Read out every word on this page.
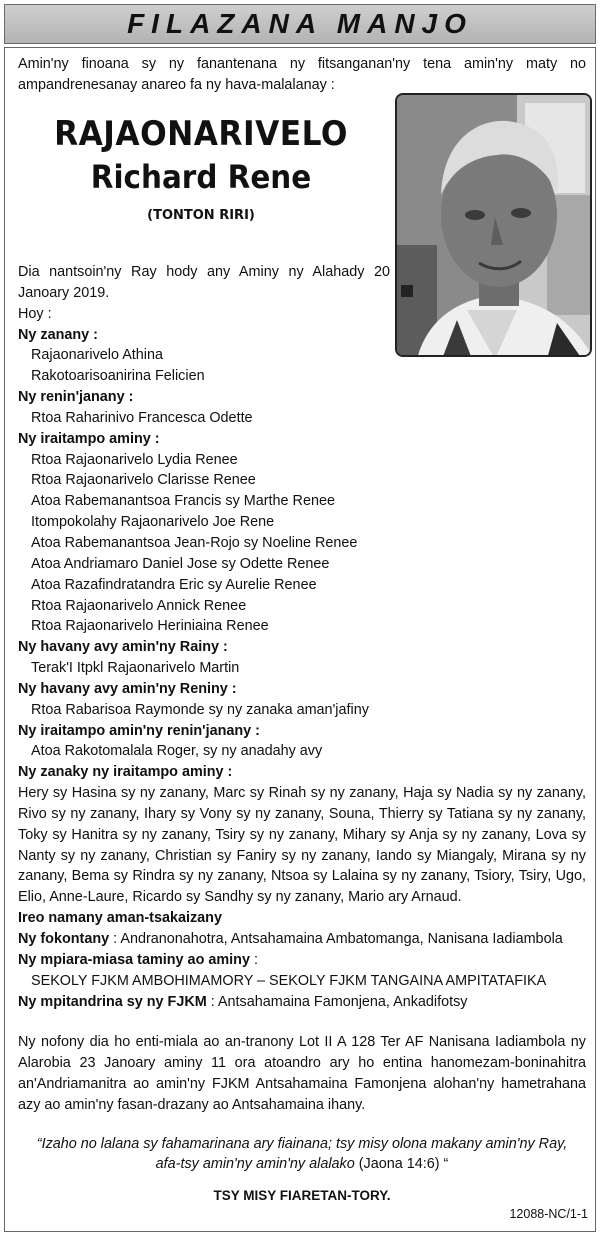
FILAZANA MANJO

Amin'ny finoana sy ny fanantenana ny fitsanganan'ny tena amin'ny maty no ampandrenesanay anareo fa ny hava-malalanay :

RAJAONARIVELO
Richard Rene
(TONTON RIRI)

Dia nantsoin'ny Ray hody any Aminy ny Alahady 20 Janoary 2019.

Hoy :

Ny zanany :

Rajaonarivelo Athina

Rakotoarisoanirina Felicien

Ny renin'janany :

Rtoa Raharinivo Francesca Odette

Ny iraitampo aminy :

Rtoa Rajaonarivelo Lydia Renee

Rtoa Rajaonarivelo Clarisse Renee

Atoa Rabemanantsoa Francis sy Marthe Renee

Itompokolahy Rajaonarivelo Joe Rene

Atoa Rabemanantsoa Jean-Rojo sy Noeline Renee

Atoa Andriamaro Daniel Jose sy Odette Renee

Atoa Razafindratandra Eric sy Aurelie Renee

Rtoa Rajaonarivelo Annick Renee

Rtoa Rajaonarivelo Heriniaina Renee

Ny havany avy amin'ny Rainy :

Terak'I Itpkl Rajaonarivelo Martin

Ny havany avy amin'ny Reniny :

Rtoa Rabarisoa Raymonde sy ny zanaka aman'jafiny

Ny iraitampo amin'ny renin'janany :

Atoa Rakotomalala Roger, sy ny anadahy avy

Ny zanaky ny iraitampo aminy :

Hery sy Hasina sy ny zanany, Marc sy Rinah sy ny zanany, Haja sy Nadia sy ny zanany, Rivo sy ny zanany, Ihary sy Vony sy ny zanany, Souna, Thierry sy Tatiana sy ny zanany, Toky sy Hanitra sy ny zanany, Tsiry sy ny zanany, Mihary sy Anja sy ny zanany, Lova sy Nanty sy ny zanany, Christian sy Faniry sy ny zanany, Iando sy Miangaly, Mirana sy ny zanany, Bema sy Rindra sy ny zanany, Ntsoa sy Lalaina sy ny zanany, Tsiory, Tsiry, Ugo, Elio, Anne-Laure, Ricardo sy Sandhy sy ny zanany, Mario ary Arnaud.

Ireo namany aman-tsakaizany

Ny fokontany : Andranonahotra, Antsahamaina Ambatomanga, Nanisana Iadiambola

Ny mpiara-miasa taminy ao aminy :

SEKOLY FJKM AMBOHIMAMORY – SEKOLY FJKM TANGAINA AMPITATAFIKA

Ny mpitandrina sy ny FJKM : Antsahamaina Famonjena, Ankadifotsy

Ny nofony dia ho enti-miala ao an-tranony Lot II A 128 Ter AF Nanisana Iadiambola ny Alarobia 23 Janoary aminy 11 ora atoandro ary ho entina hanomezam-boninahitra an'Andriamanitra ao amin'ny FJKM Antsahamaina Famonjena alohan'ny hametrahana azy ao amin'ny fasan-drazany ao Antsahamaina ihany.

“Izaho no lalana sy fahamarinana ary fiainana; tsy misy olona makany amin'ny Ray,
afa-tsy amin'ny amin'ny alalako (Jaona 14:6) “

TSY MISY FIARETAN-TORY.

12088-NC/1-1
